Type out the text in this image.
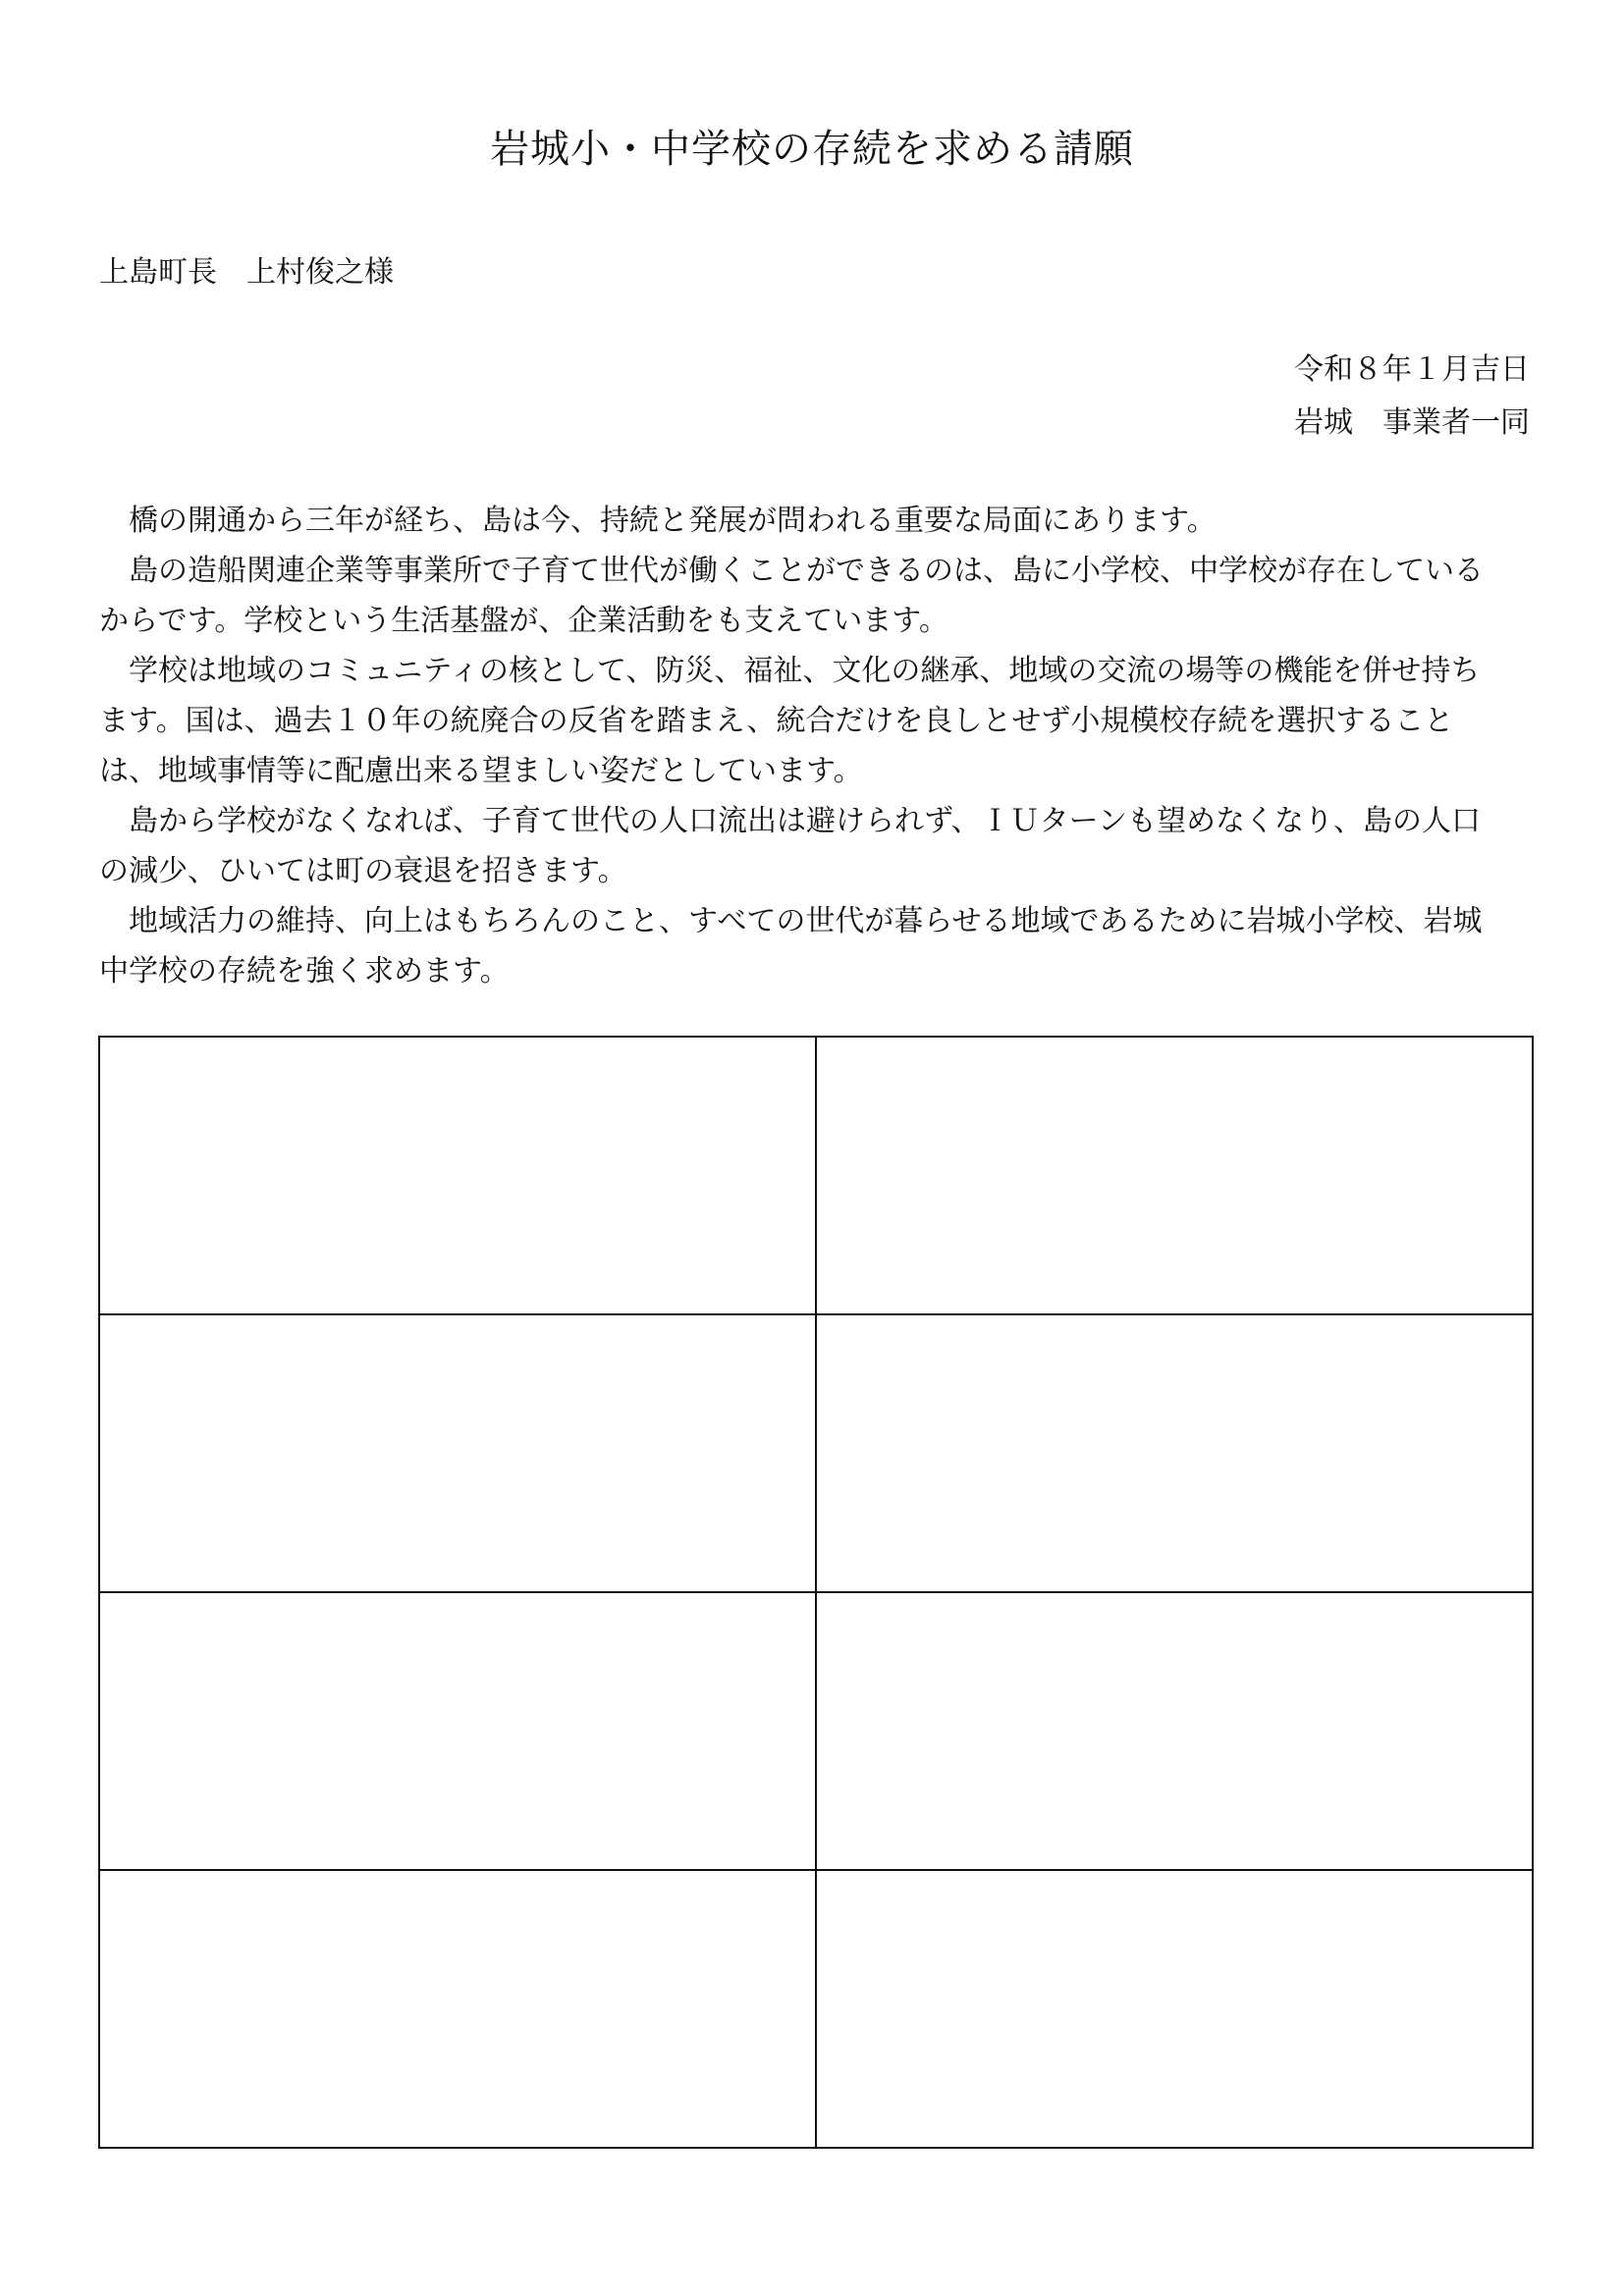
岩城小・中学校の存続を求める請願
上島町長　上村俊之様
令和８年１月吉日
岩城　事業者一同

　橋の開通から三年が経ち、島は今、持続と発展が問われる重要な局面にあります。

　島の造船関連企業等事業所で子育て世代が働くことができるのは、島に小学校、中学校が存在しているからです。学校という生活基盤が、企業活動をも支えています。

　学校は地域のコミュニティの核として、防災、福祉、文化の継承、地域の交流の場等の機能を併せ持ちます。国は、過去１０年の統廃合の反省を踏まえ、統合だけを良しとせず小規模校存続を選択することは、地域事情等に配慮出来る望ましい姿だとしています。

　島から学校がなくなれば、子育て世代の人口流出は避けられず、ＩＵターンも望めなくなり、島の人口の減少、ひいては町の衰退を招きます。

　地域活力の維持、向上はもちろんのこと、すべての世代が暮らせる地域であるために岩城小学校、岩城中学校の存続を強く求めます。
